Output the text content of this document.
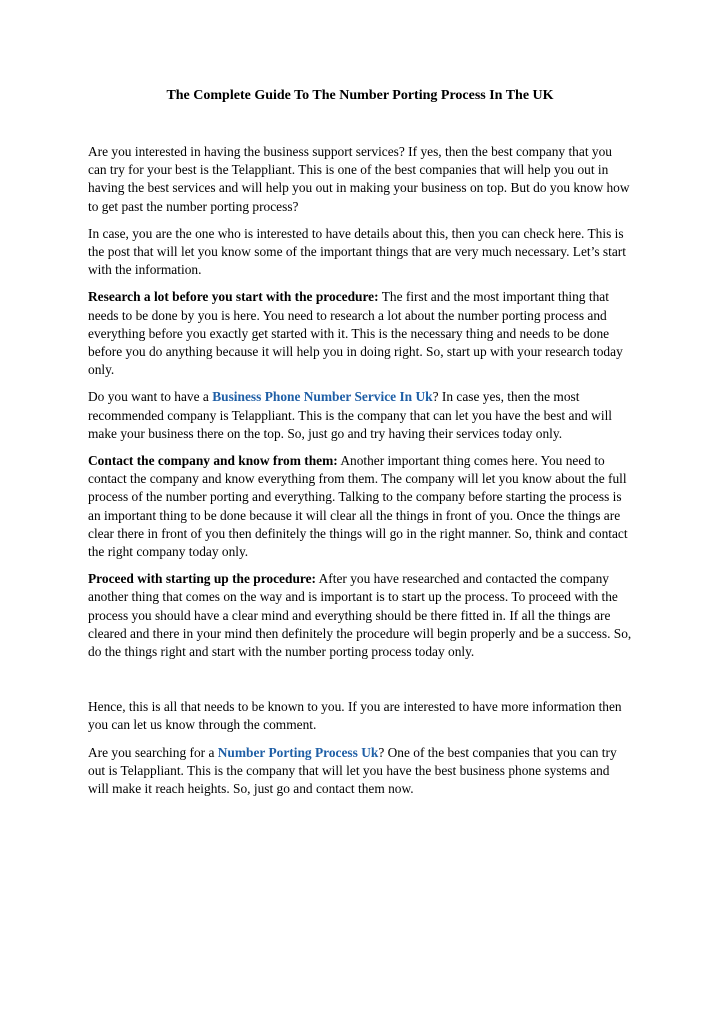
The Complete Guide To The Number Porting Process In The UK

Are you interested in having the business support services? If yes, then the best company that you can try for your best is the Telappliant. This is one of the best companies that will help you out in having the best services and will help you out in making your business on top. But do you know how to get past the number porting process?

In case, you are the one who is interested to have details about this, then you can check here. This is the post that will let you know some of the important things that are very much necessary. Let’s start with the information.

Research a lot before you start with the procedure: The first and the most important thing that needs to be done by you is here. You need to research a lot about the number porting process and everything before you exactly get started with it. This is the necessary thing and needs to be done before you do anything because it will help you in doing right. So, start up with your research today only.

Do you want to have a Business Phone Number Service In Uk? In case yes, then the most recommended company is Telappliant. This is the company that can let you have the best and will make your business there on the top. So, just go and try having their services today only.

Contact the company and know from them: Another important thing comes here. You need to contact the company and know everything from them. The company will let you know about the full process of the number porting and everything. Talking to the company before starting the process is an important thing to be done because it will clear all the things in front of you. Once the things are clear there in front of you then definitely the things will go in the right manner. So, think and contact the right company today only.

Proceed with starting up the procedure: After you have researched and contacted the company another thing that comes on the way and is important is to start up the process. To proceed with the process you should have a clear mind and everything should be there fitted in. If all the things are cleared and there in your mind then definitely the procedure will begin properly and be a success. So, do the things right and start with the number porting process today only.

Hence, this is all that needs to be known to you. If you are interested to have more information then you can let us know through the comment.

Are you searching for a Number Porting Process Uk? One of the best companies that you can try out is Telappliant. This is the company that will let you have the best business phone systems and will make it reach heights. So, just go and contact them now.
